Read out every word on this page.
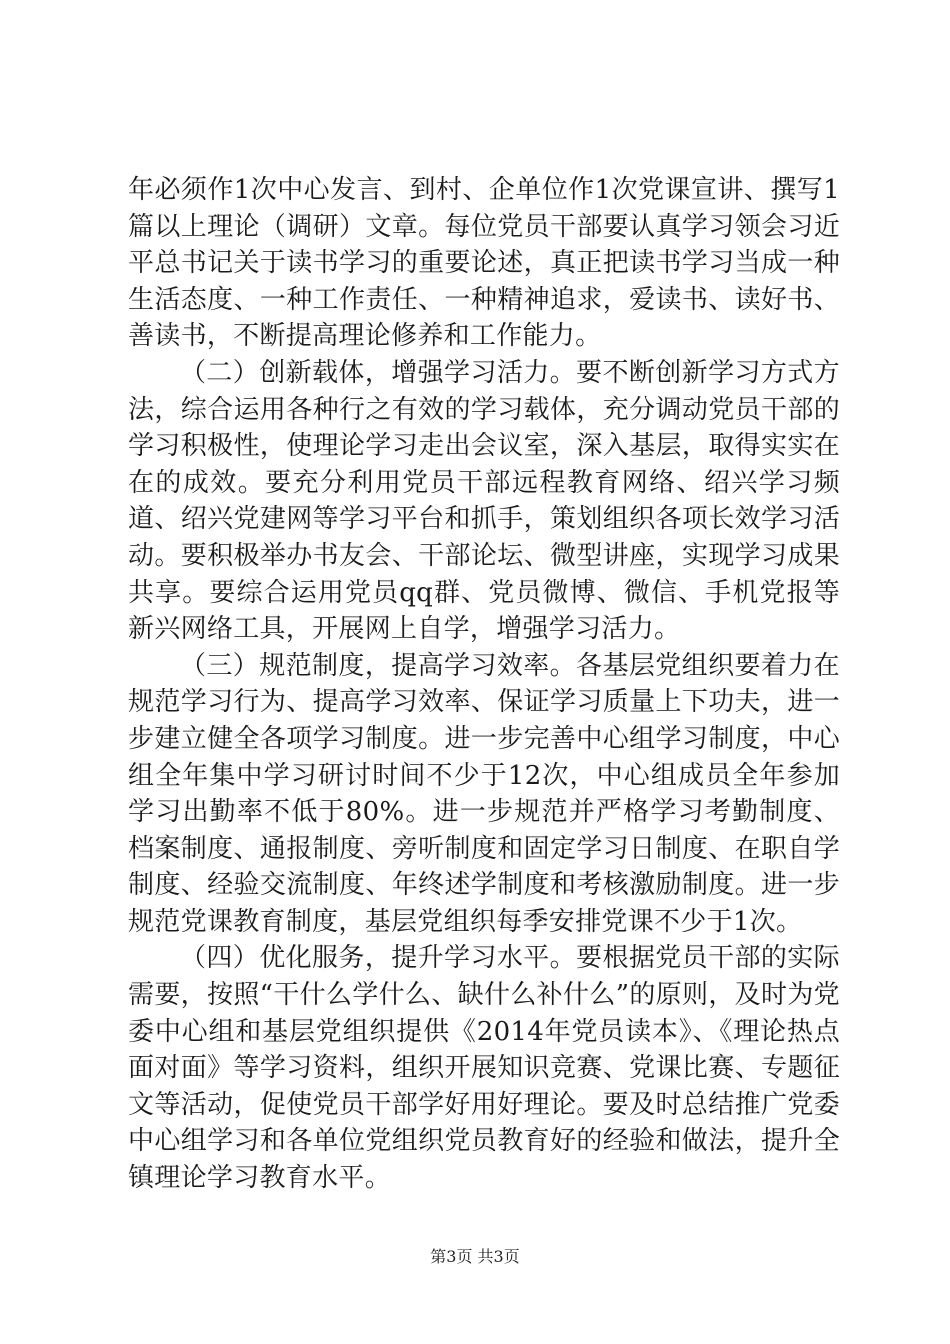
年必须作1次中心发言、到村、企单位作1次党课宣讲、撰写1篇以上理论（调研）文章。每位党员干部要认真学习领会习近平总书记关于读书学习的重要论述，真正把读书学习当成一种生活态度、一种工作责任、一种精神追求，爱读书、读好书、善读书，不断提高理论修养和工作能力。

（二）创新载体，增强学习活力。要不断创新学习方式方法，综合运用各种行之有效的学习载体，充分调动党员干部的学习积极性，使理论学习走出会议室，深入基层，取得实实在在的成效。要充分利用党员干部远程教育网络、绍兴学习频道、绍兴党建网等学习平台和抓手，策划组织各项长效学习活动。要积极举办书友会、干部论坛、微型讲座，实现学习成果共享。要综合运用党员qq群、党员微博、微信、手机党报等新兴网络工具，开展网上自学，增强学习活力。

（三）规范制度，提高学习效率。各基层党组织要着力在规范学习行为、提高学习效率、保证学习质量上下功夫，进一步建立健全各项学习制度。进一步完善中心组学习制度，中心组全年集中学习研讨时间不少于12次，中心组成员全年参加学习出勤率不低于80%。进一步规范并严格学习考勤制度、档案制度、通报制度、旁听制度和固定学习日制度、在职自学制度、经验交流制度、年终述学制度和考核激励制度。进一步规范党课教育制度，基层党组织每季安排党课不少于1次。

（四）优化服务，提升学习水平。要根据党员干部的实际需要，按照“干什么学什么、缺什么补什么”的原则，及时为党委中心组和基层党组织提供《2014年党员读本》、《理论热点面对面》等学习资料，组织开展知识竞赛、党课比赛、专题征文等活动，促使党员干部学好用好理论。要及时总结推广党委中心组学习和各单位党组织党员教育好的经验和做法，提升全镇理论学习教育水平。

第3页 共3页
